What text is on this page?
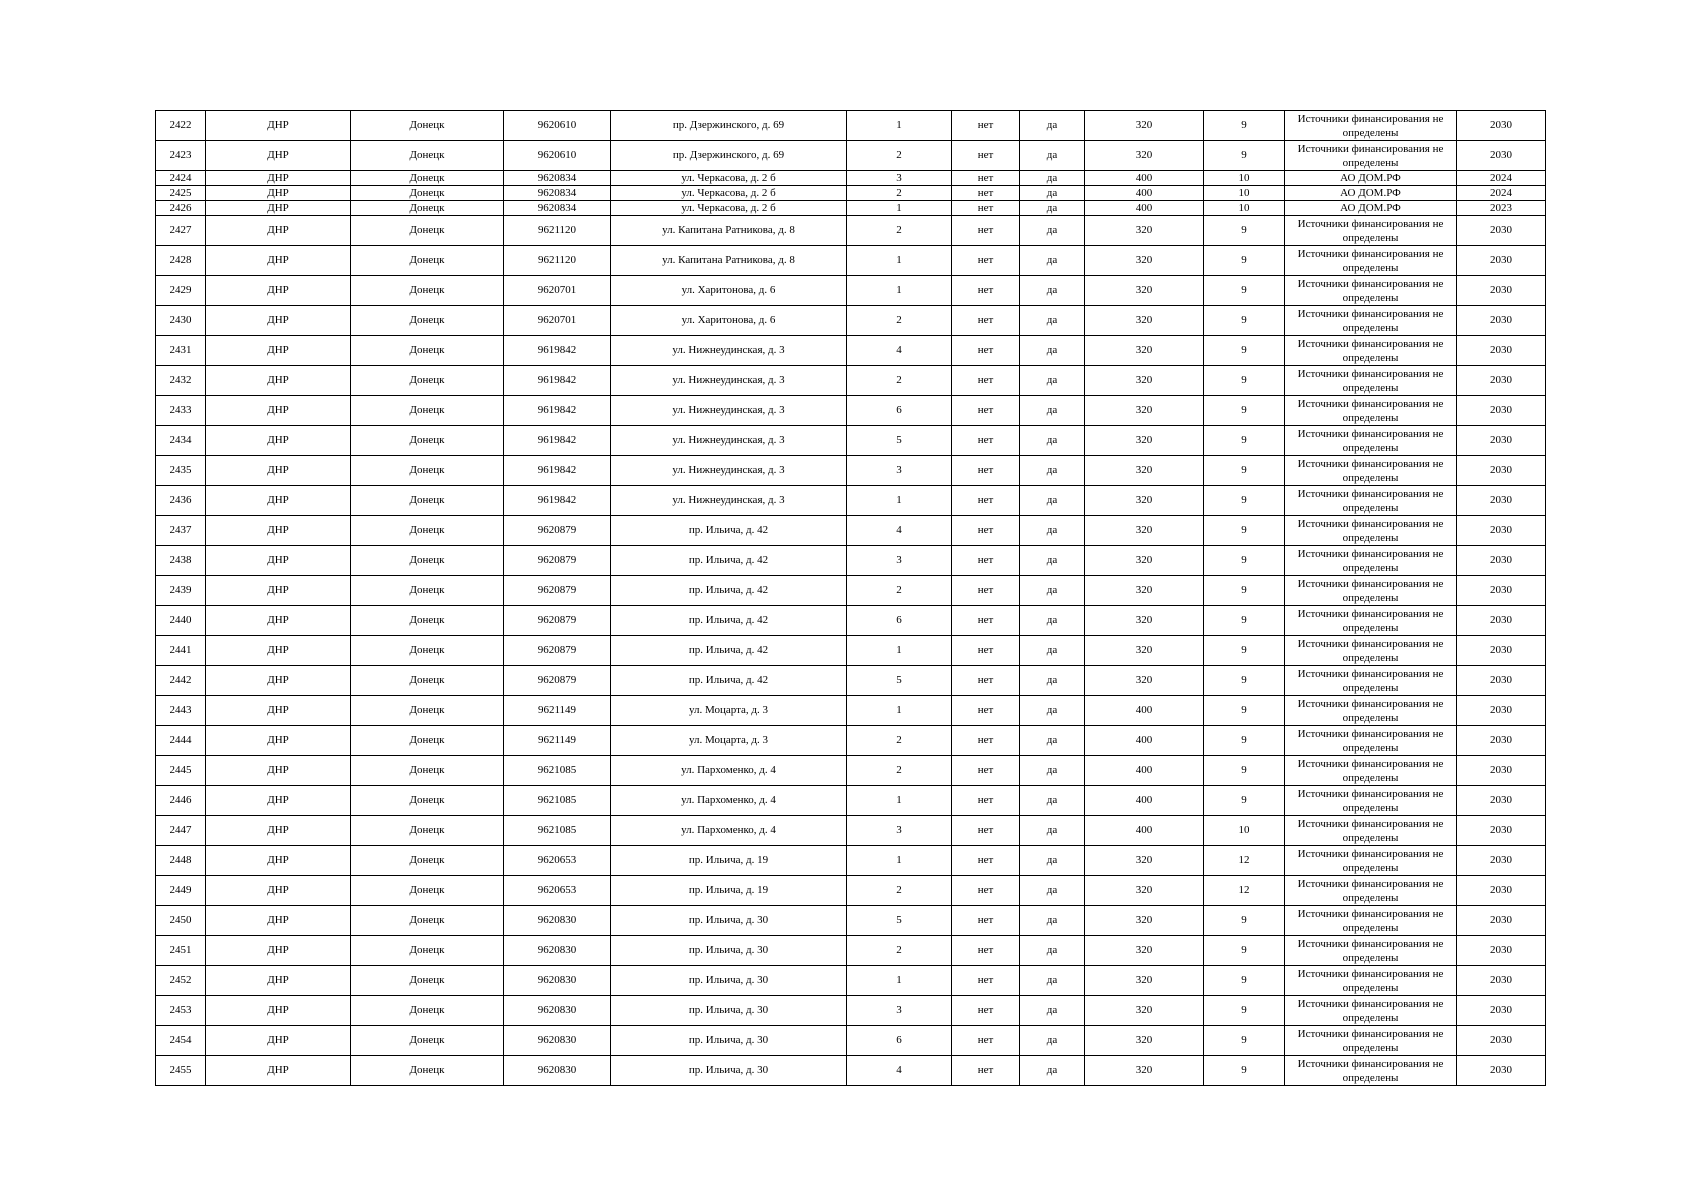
2422	ДНР	Донецк	9620610	пр. Дзержинского, д. 69	1	нет	да	320	9	Источники финансирования не определены	2030
2423	ДНР	Донецк	9620610	пр. Дзержинского, д. 69	2	нет	да	320	9	Источники финансирования не определены	2030
2424	ДНР	Донецк	9620834	ул. Черкасова, д. 2 б	3	нет	да	400	10	АО ДОМ.РФ	2024
2425	ДНР	Донецк	9620834	ул. Черкасова, д. 2 б	2	нет	да	400	10	АО ДОМ.РФ	2024
2426	ДНР	Донецк	9620834	ул. Черкасова, д. 2 б	1	нет	да	400	10	АО ДОМ.РФ	2023
2427	ДНР	Донецк	9621120	ул. Капитана Ратникова, д. 8	2	нет	да	320	9	Источники финансирования не определены	2030
2428	ДНР	Донецк	9621120	ул. Капитана Ратникова, д. 8	1	нет	да	320	9	Источники финансирования не определены	2030
2429	ДНР	Донецк	9620701	ул. Харитонова, д. 6	1	нет	да	320	9	Источники финансирования не определены	2030
2430	ДНР	Донецк	9620701	ул. Харитонова, д. 6	2	нет	да	320	9	Источники финансирования не определены	2030
2431	ДНР	Донецк	9619842	ул. Нижнеудинская, д. 3	4	нет	да	320	9	Источники финансирования не определены	2030
2432	ДНР	Донецк	9619842	ул. Нижнеудинская, д. 3	2	нет	да	320	9	Источники финансирования не определены	2030
2433	ДНР	Донецк	9619842	ул. Нижнеудинская, д. 3	6	нет	да	320	9	Источники финансирования не определены	2030
2434	ДНР	Донецк	9619842	ул. Нижнеудинская, д. 3	5	нет	да	320	9	Источники финансирования не определены	2030
2435	ДНР	Донецк	9619842	ул. Нижнеудинская, д. 3	3	нет	да	320	9	Источники финансирования не определены	2030
2436	ДНР	Донецк	9619842	ул. Нижнеудинская, д. 3	1	нет	да	320	9	Источники финансирования не определены	2030
2437	ДНР	Донецк	9620879	пр. Ильича, д. 42	4	нет	да	320	9	Источники финансирования не определены	2030
2438	ДНР	Донецк	9620879	пр. Ильича, д. 42	3	нет	да	320	9	Источники финансирования не определены	2030
2439	ДНР	Донецк	9620879	пр. Ильича, д. 42	2	нет	да	320	9	Источники финансирования не определены	2030
2440	ДНР	Донецк	9620879	пр. Ильича, д. 42	6	нет	да	320	9	Источники финансирования не определены	2030
2441	ДНР	Донецк	9620879	пр. Ильича, д. 42	1	нет	да	320	9	Источники финансирования не определены	2030
2442	ДНР	Донецк	9620879	пр. Ильича, д. 42	5	нет	да	320	9	Источники финансирования не определены	2030
2443	ДНР	Донецк	9621149	ул. Моцарта, д. 3	1	нет	да	400	9	Источники финансирования не определены	2030
2444	ДНР	Донецк	9621149	ул. Моцарта, д. 3	2	нет	да	400	9	Источники финансирования не определены	2030
2445	ДНР	Донецк	9621085	ул. Пархоменко, д. 4	2	нет	да	400	9	Источники финансирования не определены	2030
2446	ДНР	Донецк	9621085	ул. Пархоменко, д. 4	1	нет	да	400	9	Источники финансирования не определены	2030
2447	ДНР	Донецк	9621085	ул. Пархоменко, д. 4	3	нет	да	400	10	Источники финансирования не определены	2030
2448	ДНР	Донецк	9620653	пр. Ильича, д. 19	1	нет	да	320	12	Источники финансирования не определены	2030
2449	ДНР	Донецк	9620653	пр. Ильича, д. 19	2	нет	да	320	12	Источники финансирования не определены	2030
2450	ДНР	Донецк	9620830	пр. Ильича, д. 30	5	нет	да	320	9	Источники финансирования не определены	2030
2451	ДНР	Донецк	9620830	пр. Ильича, д. 30	2	нет	да	320	9	Источники финансирования не определены	2030
2452	ДНР	Донецк	9620830	пр. Ильича, д. 30	1	нет	да	320	9	Источники финансирования не определены	2030
2453	ДНР	Донецк	9620830	пр. Ильича, д. 30	3	нет	да	320	9	Источники финансирования не определены	2030
2454	ДНР	Донецк	9620830	пр. Ильича, д. 30	6	нет	да	320	9	Источники финансирования не определены	2030
2455	ДНР	Донецк	9620830	пр. Ильича, д. 30	4	нет	да	320	9	Источники финансирования не определены	2030
